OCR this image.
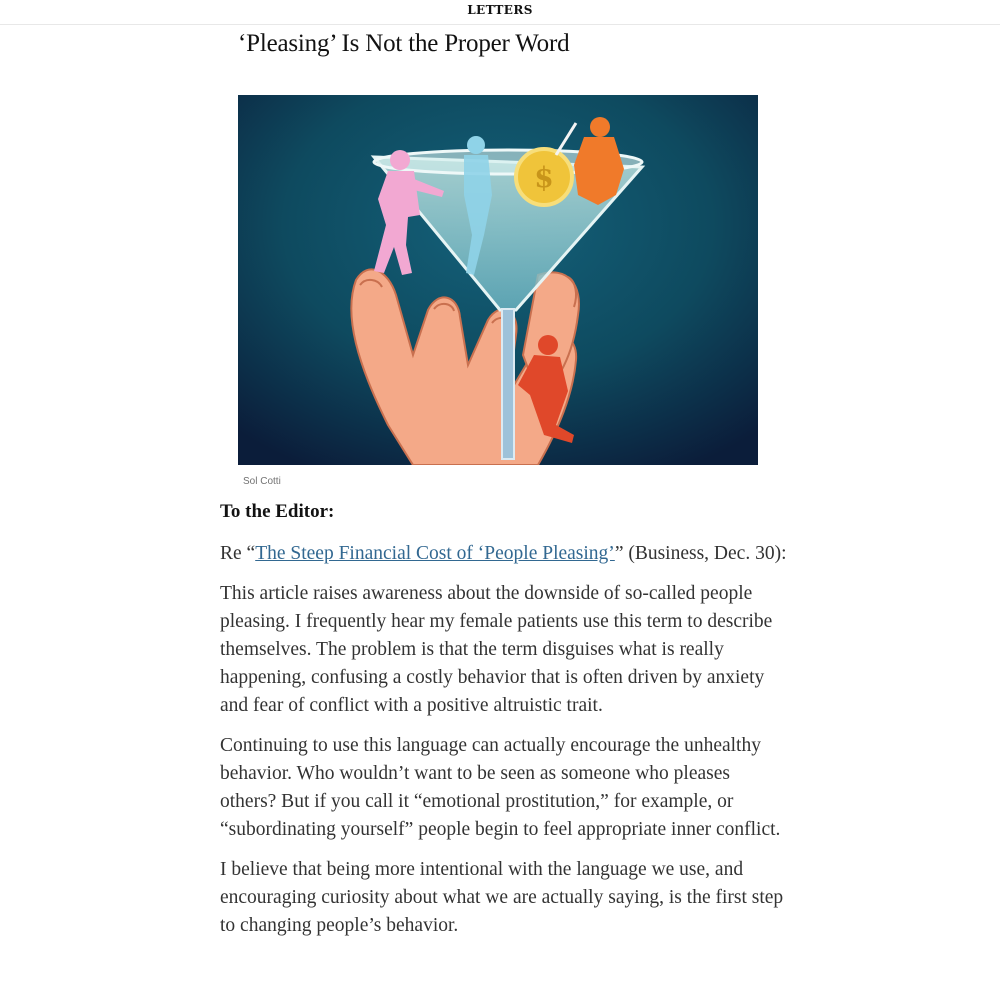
LETTERS
‘Pleasing’ Is Not the Proper Word
$
Sol Cotti

To the Editor:

Re “The Steep Financial Cost of ‘People Pleasing’” (Business, Dec. 30):

This article raises awareness about the downside of so-called people pleasing. I frequently hear my female patients use this term to describe themselves. The problem is that the term disguises what is really happening, confusing a costly behavior that is often driven by anxiety and fear of conflict with a positive altruistic trait.

Continuing to use this language can actually encourage the unhealthy behavior. Who wouldn’t want to be seen as someone who pleases others? But if you call it “emotional prostitution,” for example, or “subordinating yourself” people begin to feel appropriate inner conflict.

I believe that being more intentional with the language we use, and encouraging curiosity about what we are actually saying, is the first step to changing people’s behavior.
